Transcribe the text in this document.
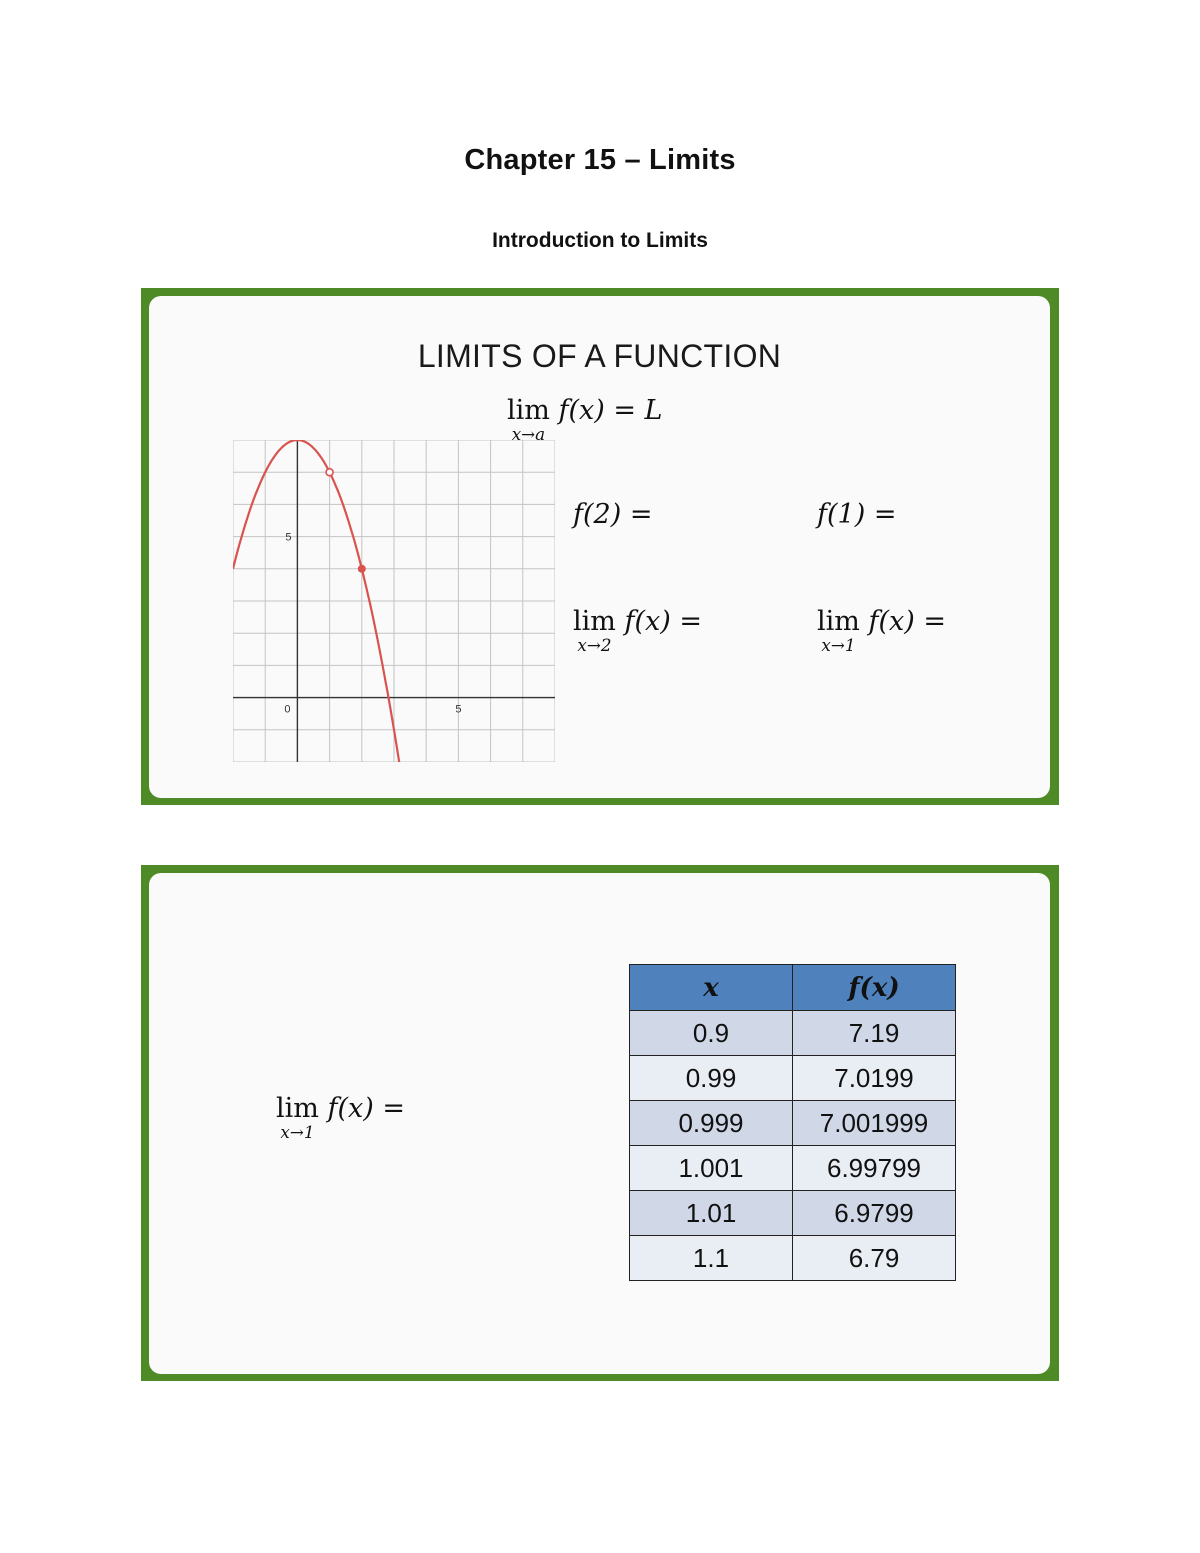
Chapter 15 – Limits
Introduction to Limits
LIMITS OF A FUNCTION
lim
x→a
f(x) = L
5
5
0
f(2) =	f(1) =
lim
x→2
f(x) =	lim
x→1
f(x) =
lim
x→1
f(x) =
x	f(x)
0.9	7.19
0.99	7.0199
0.999	7.001999
1.001	6.99799
1.01	6.9799
1.1	6.79
